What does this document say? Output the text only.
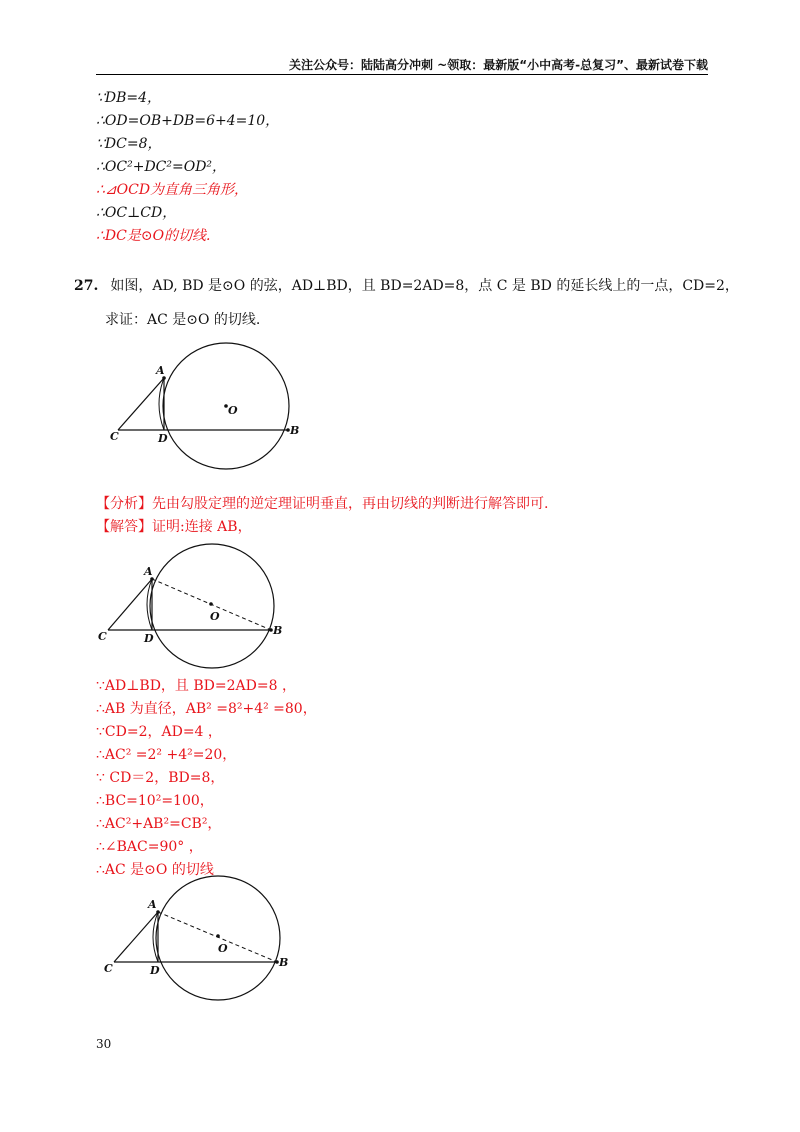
关注公众号：陆陆高分冲刺 ~领取：最新版“小中高考-总复习”、最新试卷下载
∵DB=4，
∴OD=OB+DB=6+4=10，
∵DC=8，
∴OC²+DC²=OD²，
∴⊿OCD为直角三角形，
∴OC⊥CD，
∴DC是⊙O的切线.
27. 如图，AD, BD 是⊙O 的弦，AD⊥BD，且 BD=2AD=8，点 C 是 BD 的延长线上的一点，CD=2，
求证：AC 是⊙O 的切线.
A
B
C	D
O
【分析】先由勾股定理的逆定理证明垂直，再由切线的判断进行解答即可.
【解答】证明:连接 AB，
A
B
C	D
O
∵AD⊥BD，且 BD=2AD=8 ，
∴AB 为直径，AB² =8²+4² =80，
∵CD=2，AD=4 ，
∴AC² =2² +4²=20，
∵ CD＝2，BD=8，
∴BC=10²=100，
∴AC²+AB²=CB²，
∴∠BAC=90° ，
∴AC 是⊙O 的切线
A
B
C	D
O
30
